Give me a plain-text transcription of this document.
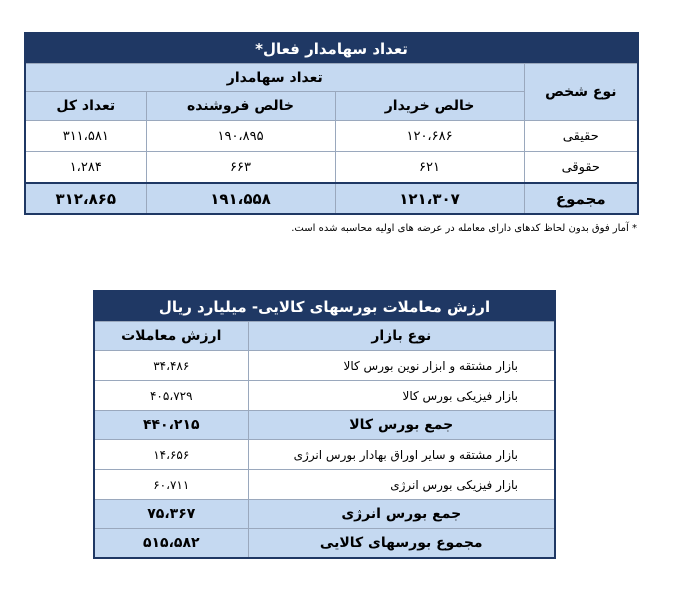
تعداد سهامدار فعال*			
نوع شخص	تعداد سهامدار		
	خالص خریدار	خالص فروشنده	تعداد کل
حقیقی	۱۲۰،۶۸۶	۱۹۰،۸۹۵	۳۱۱،۵۸۱
حقوقی	۶۲۱	۶۶۳	۱،۲۸۴
مجموع	۱۲۱،۳۰۷	۱۹۱،۵۵۸	۳۱۲،۸۶۵
* آمار فوق بدون لحاظ کدهای دارای معامله در عرضه های اولیه محاسبه شده است.
ارزش معاملات بورسهای کالایی- میلیارد ریال	
نوع بازار	ارزش معاملات
بازار مشتقه و ابزار نوین بورس کالا	۳۴،۴۸۶
بازار فیزیکی بورس کالا	۴۰۵،۷۲۹
جمع بورس کالا	۴۴۰،۲۱۵
بازار مشتقه و سایر اوراق بهادار بورس انرژی	۱۴،۶۵۶
بازار فیزیکی بورس انرژی	۶۰،۷۱۱
جمع بورس انرژی	۷۵،۳۶۷
مجموع بورسهای کالایی	۵۱۵،۵۸۲
